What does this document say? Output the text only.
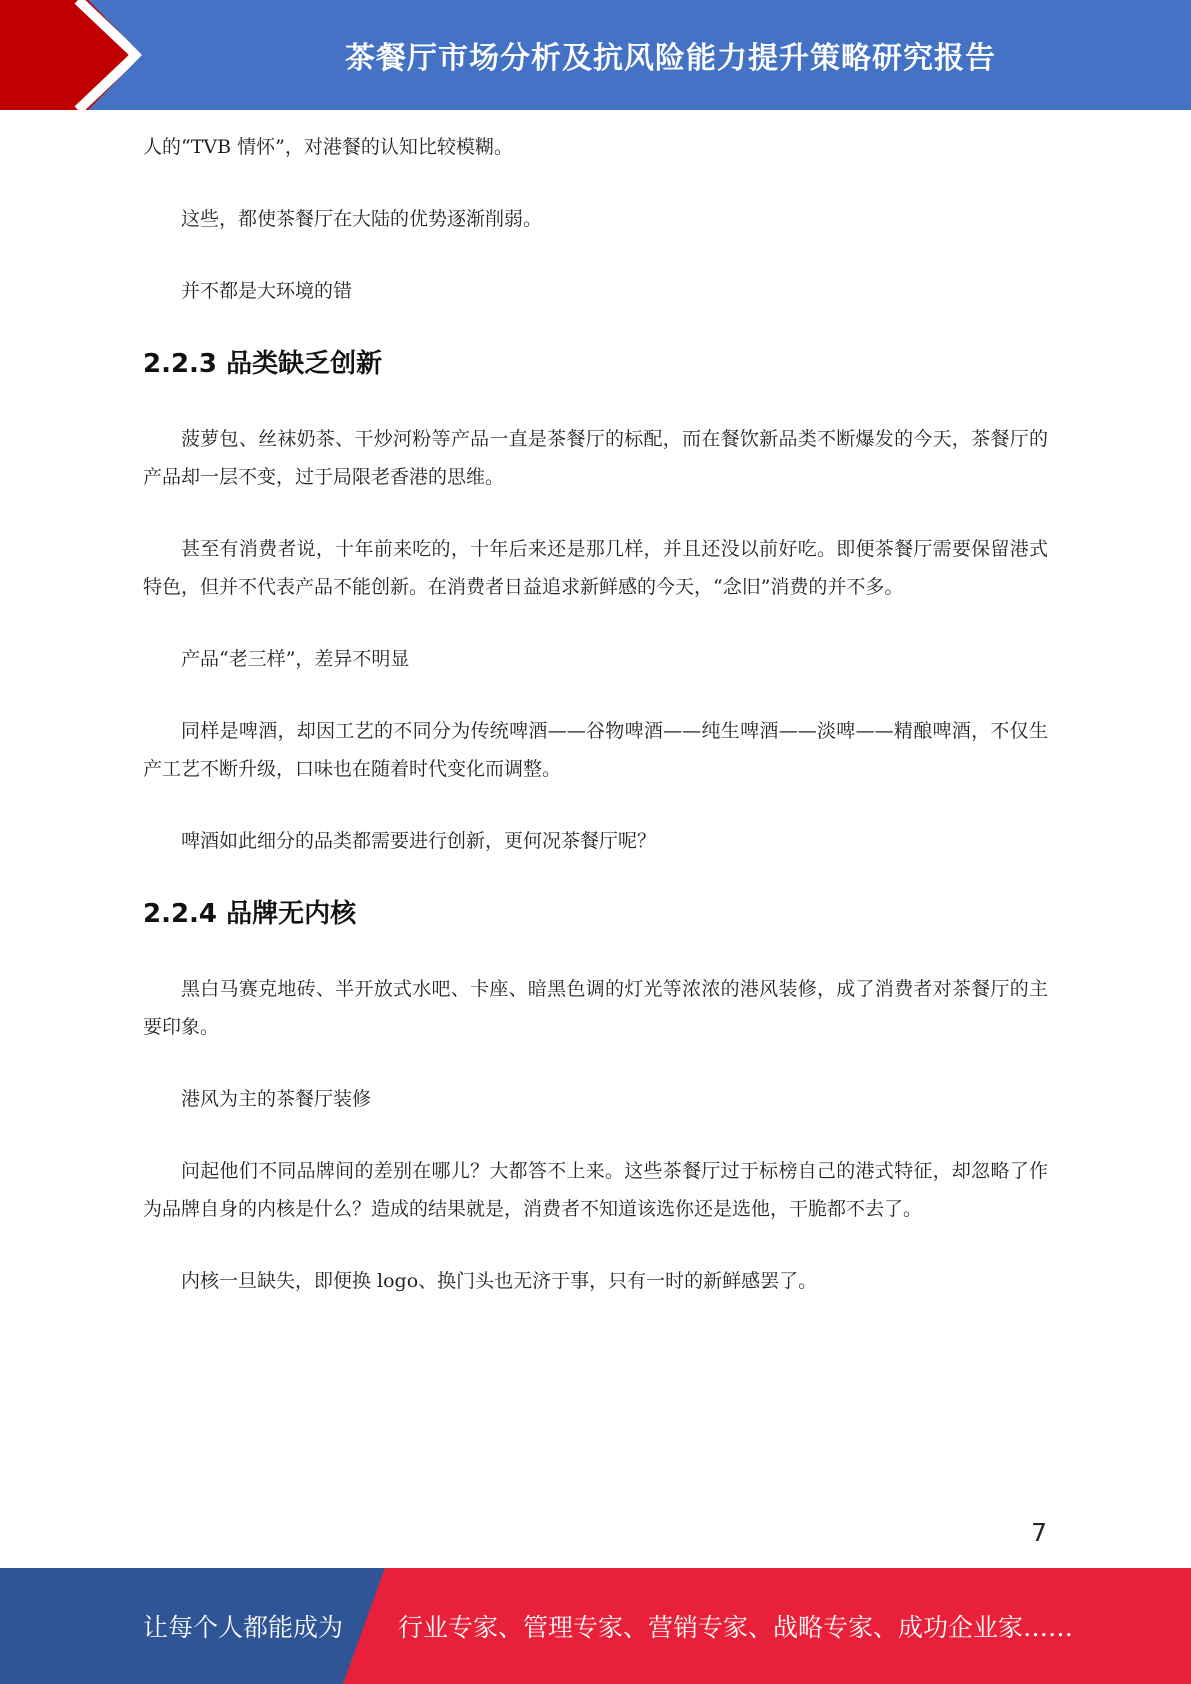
茶餐厅市场分析及抗风险能力提升策略研究报告

人的“TVB 情怀”，对港餐的认知比较模糊。

这些，都使茶餐厅在大陆的优势逐渐削弱。

并不都是大环境的错

2.2.3 品类缺乏创新

菠萝包、丝袜奶茶、干炒河粉等产品一直是茶餐厅的标配，而在餐饮新品类不断爆发的今天，茶餐厅的产品却一层不变，过于局限老香港的思维。

甚至有消费者说，十年前来吃的，十年后来还是那几样，并且还没以前好吃。即便茶餐厅需要保留港式特色，但并不代表产品不能创新。在消费者日益追求新鲜感的今天，“念旧”消费的并不多。

产品“老三样”，差异不明显

同样是啤酒，却因工艺的不同分为传统啤酒——谷物啤酒——纯生啤酒——淡啤——精酿啤酒，不仅生产工艺不断升级，口味也在随着时代变化而调整。

啤酒如此细分的品类都需要进行创新，更何况茶餐厅呢？

2.2.4 品牌无内核

黑白马赛克地砖、半开放式水吧、卡座、暗黑色调的灯光等浓浓的港风装修，成了消费者对茶餐厅的主要印象。

港风为主的茶餐厅装修

问起他们不同品牌间的差别在哪儿？大都答不上来。这些茶餐厅过于标榜自己的港式特征，却忽略了作为品牌自身的内核是什么？造成的结果就是，消费者不知道该选你还是选他，干脆都不去了。

内核一旦缺失，即便换 logo、换门头也无济于事，只有一时的新鲜感罢了。

7
让每个人都能成为 行业专家、管理专家、营销专家、战略专家、成功企业家……
